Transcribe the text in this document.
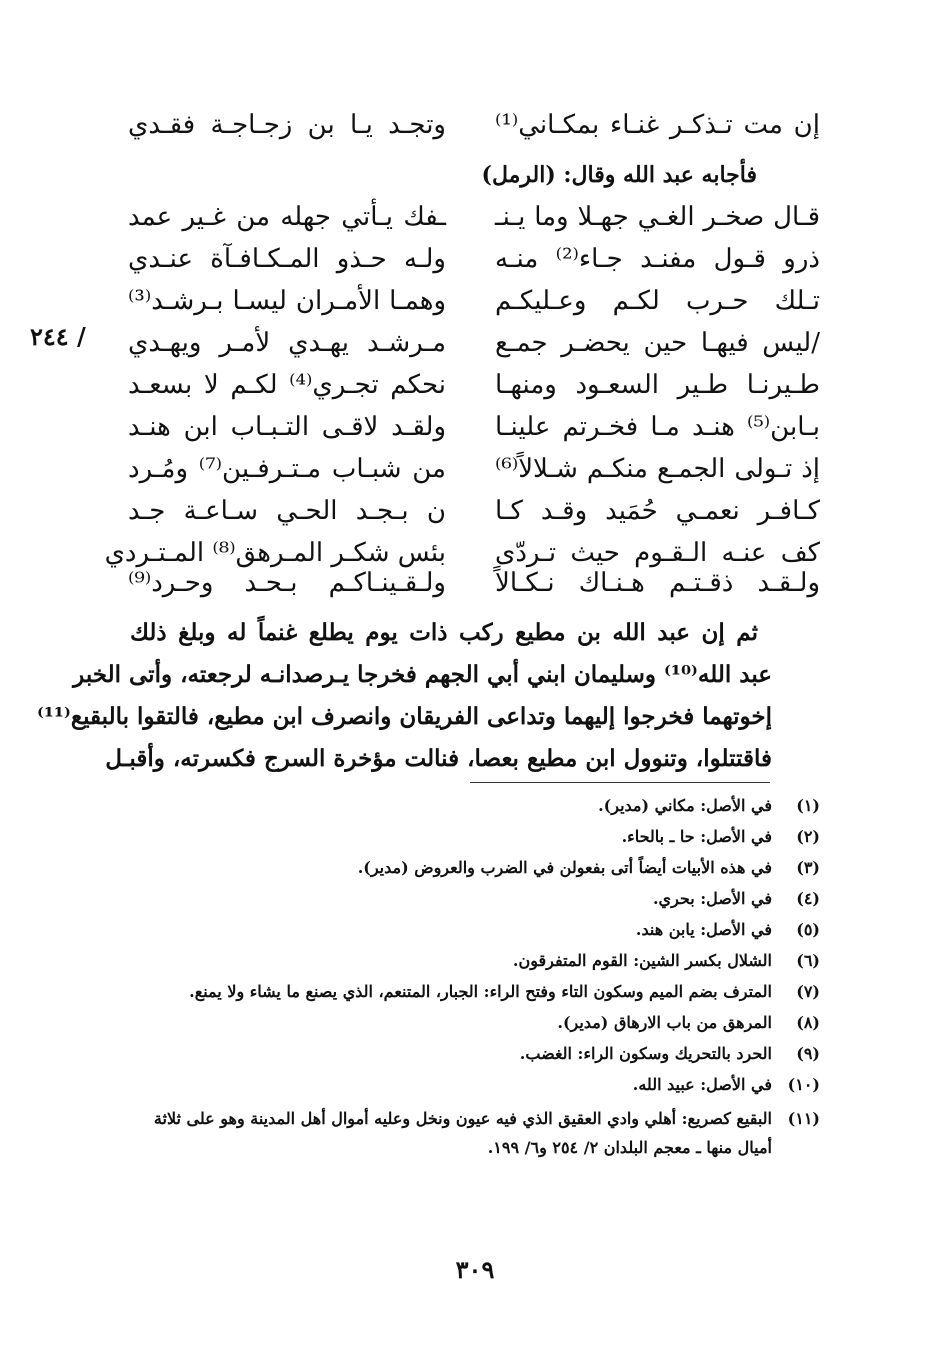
إن مت تـذكـر غنـاء بمكـاني⁽¹⁾
وتجـد يـا بن زجـاجـة فقـدي
فأجابه عبد الله وقال: (الرمل)
قـال صخـر الغـي جهـلا وما يـنـ
ـفك يـأتي جهله من غـير عمد
ذرو قـول مفنـد جـاء⁽²⁾ منـه
ولـه حـذو المـكـافـآة عنـدي
تـلك حـرب لكـم وعـليكـم
وهمـا الأمـران ليسـا بـرشـد⁽³⁾
/ليس فيهـا حين يحضـر جمـع
مـرشـد يهـدي لأمـر ويهـدي
طـيرنـا طـير السعـود ومنهـا
نحكم تجـري⁽⁴⁾ لكـم لا بسعـد
بـابن⁽⁵⁾ هنـد مـا فخـرتم علينـا
ولقـد لاقـى التـبـاب ابن هنـد
إذ تـولى الجمـع منكـم شـلالاً⁽⁶⁾
من شبـاب مـتـرفـين⁽⁷⁾ ومُـرد
كـافـر نعمـي حُمَيد وقـد كـا
ن بـجـد الحـي سـاعـة جـد
كف عنـه الـقـوم حيث تـردّى
بئس شكـر المـرهق⁽⁸⁾ المـتـردي
ولـقـد ذقـتـم هـنـاك نـكـالاً
ولـقـينـاكـم بـحـد وحـرد⁽⁹⁾
/ ٢٤٤
ثم إن عبد الله بن مطيع ركب ذات يوم يطلع غنماً له وبلغ ذلك
عبد الله⁽¹⁰⁾ وسليمان ابني أبي الجهم فخرجا يـرصدانـه لرجعته، وأتى الخبر
إخوتهما فخرجوا إليهما وتداعى الفريقان وانصرف ابن مطيع، فالتقوا بالبقيع⁽¹¹⁾
فاقتتلوا، وتنوول ابن مطيع بعصا، فنالت مؤخرة السرج فكسرته، وأقبـل
(١)
في الأصل: مكاني (مدير).
(٢)
في الأصل: حا ـ بالحاء.
(٣)
في هذه الأبيات أيضاً أتى بفعولن في الضرب والعروض (مدير).
(٤)
في الأصل: بحري.
(٥)
في الأصل: يابن هند.
(٦)
الشلال بكسر الشين: القوم المتفرقون.
(٧)
المترف بضم الميم وسكون التاء وفتح الراء: الجبار، المتنعم، الذي يصنع ما يشاء ولا يمنع.
(٨)
المرهق من باب الارهاق (مدير).
(٩)
الحرد بالتحريك وسكون الراء: الغضب.
(١٠)
في الأصل: عبيد الله.
(١١)
البقيع كصريع: أهلي وادي العقيق الذي فيه عيون ونخل وعليه أموال أهل المدينة وهو على ثلاثة أميال منها ـ معجم البلدان ٢/ ٢٥٤ و٦/ ١٩٩.
٣٠٩
